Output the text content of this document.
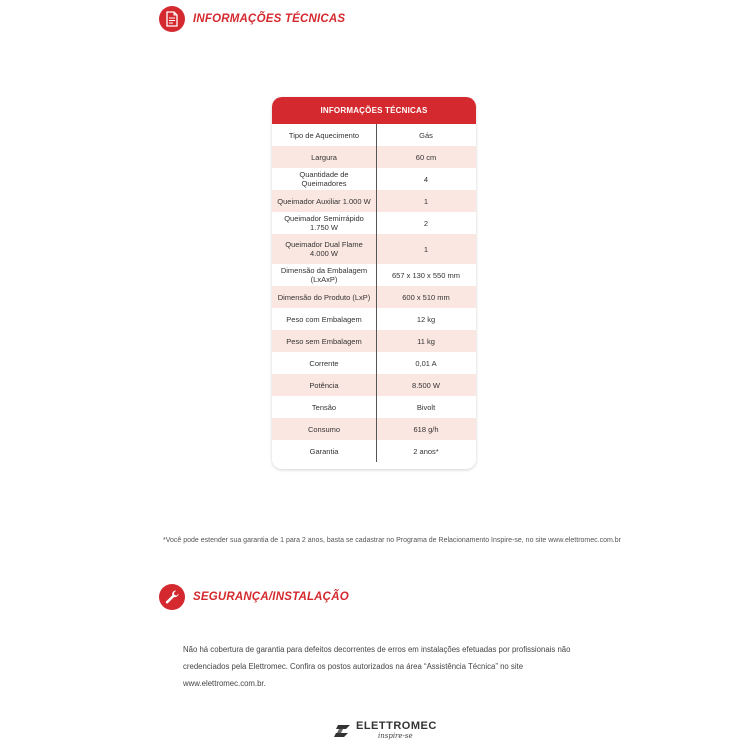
INFORMAÇÕES TÉCNICAS
INFORMAÇÕES TÉCNICAS
Tipo de Aquecimento	Gás
Largura	60 cm
Quantidade de Queimadores	4
Queimador Auxiliar 1.000 W	1
Queimador Semirrápido 1.750 W	2
Queimador Dual Flame 4.000 W	1
Dimensão da Embalagem (LxAxP)	657 x 130 x 550 mm
Dimensão do Produto (LxP)	600 x 510 mm
Peso com Embalagem	12 kg
Peso sem Embalagem	11 kg
Corrente	0,01 A
Potência	8.500 W
Tensão	Bivolt
Consumo	618 g/h
Garantia	2 anos*
*Você pode estender sua garantia de 1 para 2 anos, basta se cadastrar no Programa de Relacionamento Inspire-se, no site www.elettromec.com.br
SEGURANÇA/INSTALAÇÃO
Não há cobertura de garantia para defeitos decorrentes de erros em instalações efetuadas por profissionais não credenciados pela Elettromec. Confira os postos autorizados na área “Assistência Técnica” no site www.elettromec.com.br.
ELETTROMEC
inspire-se
